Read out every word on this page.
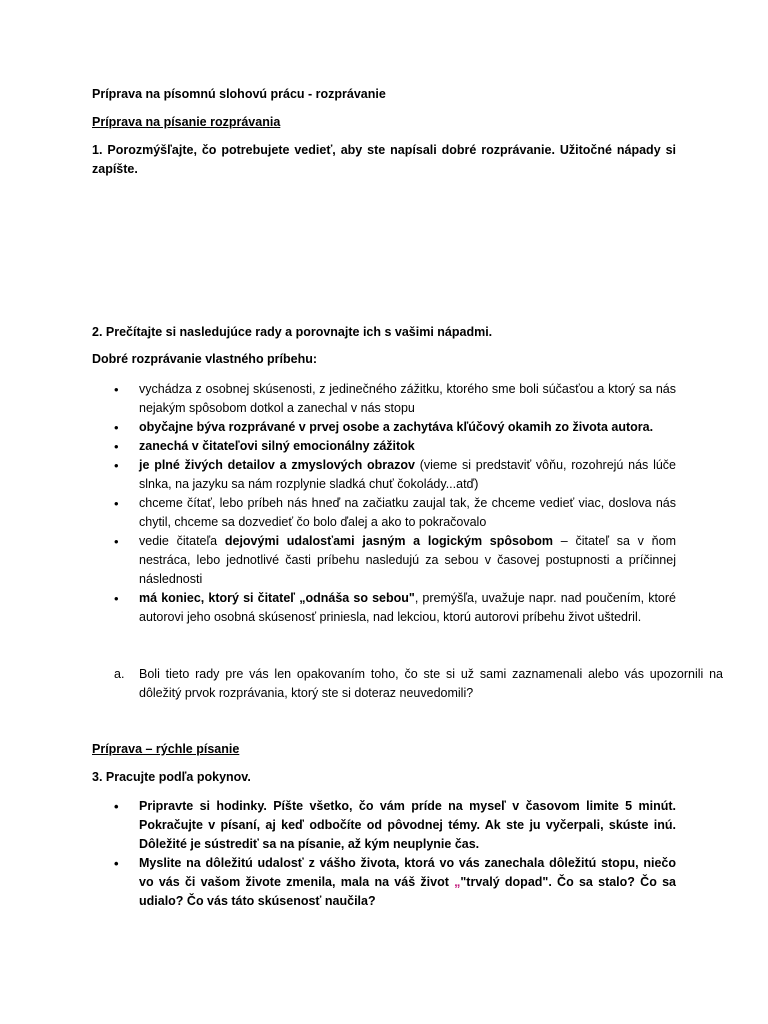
Príprava na písomnú slohovú prácu - rozprávanie

Príprava na písanie rozprávania

1. Porozmýšľajte, čo potrebujete vedieť, aby ste napísali dobré rozprávanie. Užitočné nápady si zapíšte.

2. Prečítajte si nasledujúce rady a porovnajte ich s vašimi nápadmi.

Dobré rozprávanie vlastného príbehu:

• vychádza z osobnej skúsenosti, z jedinečného zážitku, ktorého sme boli súčasťou a ktorý sa nás nejakým spôsobom dotkol a zanechal v nás stopu
• obyčajne býva rozprávané v prvej osobe a zachytáva kľúčový okamih zo života autora.
• zanechá v čitateľovi silný emocionálny zážitok
• je plné živých detailov a zmyslových obrazov (vieme si predstaviť vôňu, rozohrejú nás lúče slnka, na jazyku sa nám rozplynie sladká chuť čokolády...atď)
• chceme čítať, lebo príbeh nás hneď na začiatku zaujal tak, že chceme vedieť viac, doslova nás chytil, chceme sa dozvedieť čo bolo ďalej a ako to pokračovalo
• vedie čitateľa dejovými udalosťami jasným a logickým spôsobom – čitateľ sa v ňom nestráca, lebo jednotlivé časti príbehu nasledujú za sebou v časovej postupnosti a príčinnej následnosti
• má koniec, ktorý si čitateľ „odnáša so sebou", premýšľa, uvažuje napr. nad poučením, ktoré autorovi jeho osobná skúsenosť priniesla, nad lekciou, ktorú autorovi príbehu život uštedril.
a. Boli tieto rady pre vás len opakovaním toho, čo ste si už sami zaznamenali alebo vás upozornili na dôležitý prvok rozprávania, ktorý ste si doteraz neuvedomili?

Príprava – rýchle písanie

3. Pracujte podľa pokynov.

• Pripravte si hodinky. Píšte všetko, čo vám príde na myseľ v časovom limite 5 minút. Pokračujte v písaní, aj keď odbočíte od pôvodnej témy. Ak ste ju vyčerpali, skúste inú. Dôležité je sústrediť sa na písanie, až kým neuplynie čas.
• Myslite na dôležitú udalosť z vášho života, ktorá vo vás zanechala dôležitú stopu, niečo vo vás či vašom živote zmenila, mala na váš život „"trvalý dopad". Čo sa stalo? Čo sa udialo? Čo vás táto skúsenosť naučila?
